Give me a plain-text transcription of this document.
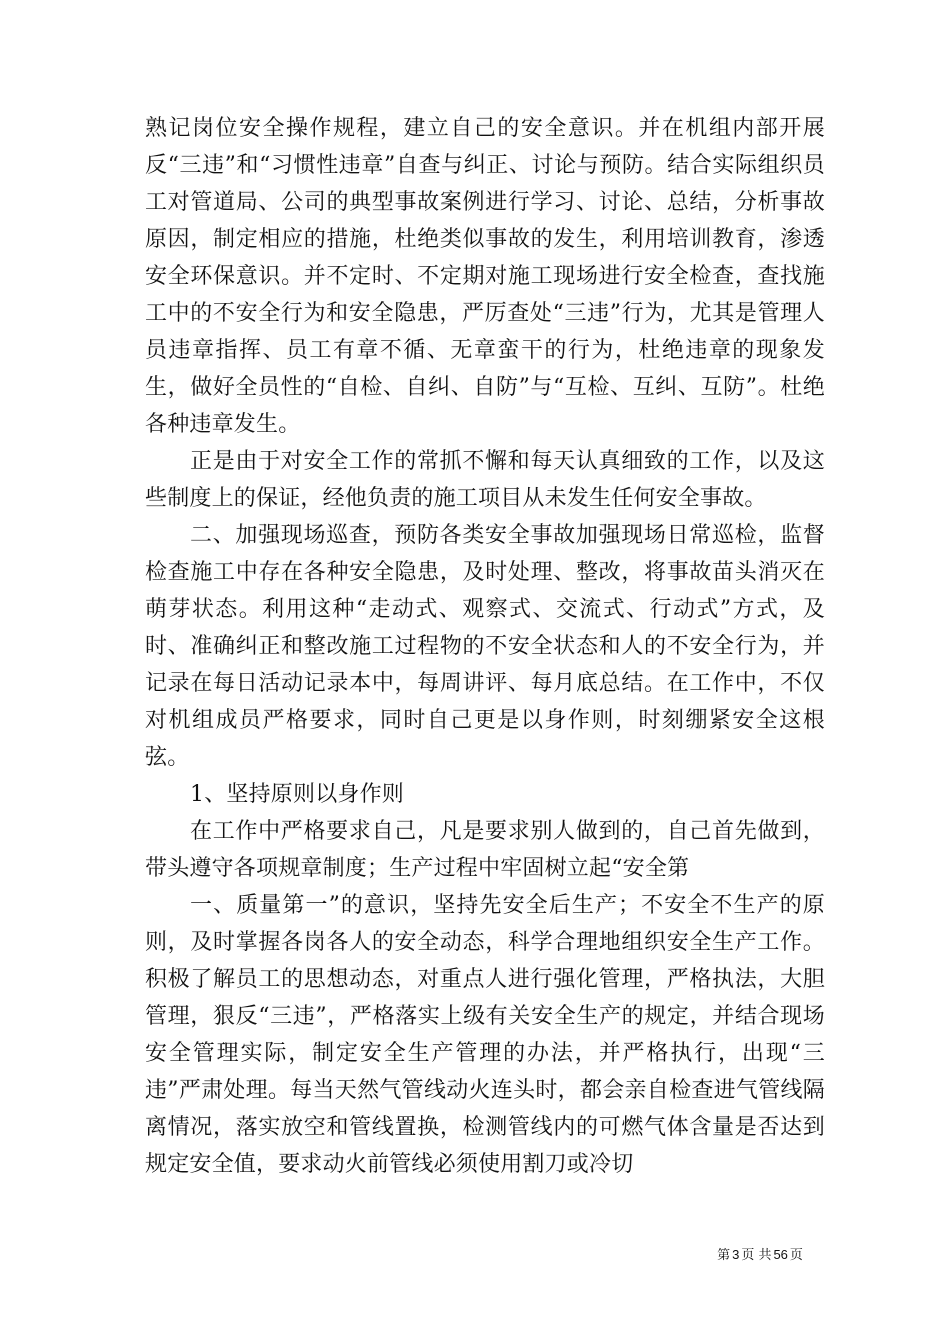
熟记岗位安全操作规程，建立自己的安全意识。并在机组内部开展反“三违”和“习惯性违章”自查与纠正、讨论与预防。结合实际组织员工对管道局、公司的典型事故案例进行学习、讨论、总结，分析事故原因，制定相应的措施，杜绝类似事故的发生，利用培训教育，渗透安全环保意识。并不定时、不定期对施工现场进行安全检查，查找施工中的不安全行为和安全隐患，严厉查处“三违”行为，尤其是管理人员违章指挥、员工有章不循、无章蛮干的行为，杜绝违章的现象发生，做好全员性的“自检、自纠、自防”与“互检、互纠、互防”。杜绝各种违章发生。

正是由于对安全工作的常抓不懈和每天认真细致的工作，以及这些制度上的保证，经他负责的施工项目从未发生任何安全事故。

二、加强现场巡查，预防各类安全事故加强现场日常巡检，监督检查施工中存在各种安全隐患，及时处理、整改，将事故苗头消灭在萌芽状态。利用这种“走动式、观察式、交流式、行动式”方式，及时、准确纠正和整改施工过程物的不安全状态和人的不安全行为，并记录在每日活动记录本中，每周讲评、每月底总结。在工作中，不仅对机组成员严格要求，同时自己更是以身作则，时刻绷紧安全这根弦。

1、坚持原则以身作则

在工作中严格要求自己，凡是要求别人做到的，自己首先做到，带头遵守各项规章制度；生产过程中牢固树立起“安全第

一、质量第一”的意识，坚持先安全后生产；不安全不生产的原则，及时掌握各岗各人的安全动态，科学合理地组织安全生产工作。积极了解员工的思想动态，对重点人进行强化管理，严格执法，大胆管理，狠反“三违”，严格落实上级有关安全生产的规定，并结合现场安全管理实际，制定安全生产管理的办法，并严格执行，出现“三违”严肃处理。每当天然气管线动火连头时，都会亲自检查进气管线隔离情况，落实放空和管线置换，检测管线内的可燃气体含量是否达到规定安全值，要求动火前管线必须使用割刀或冷切

第 3 页 共 56 页
